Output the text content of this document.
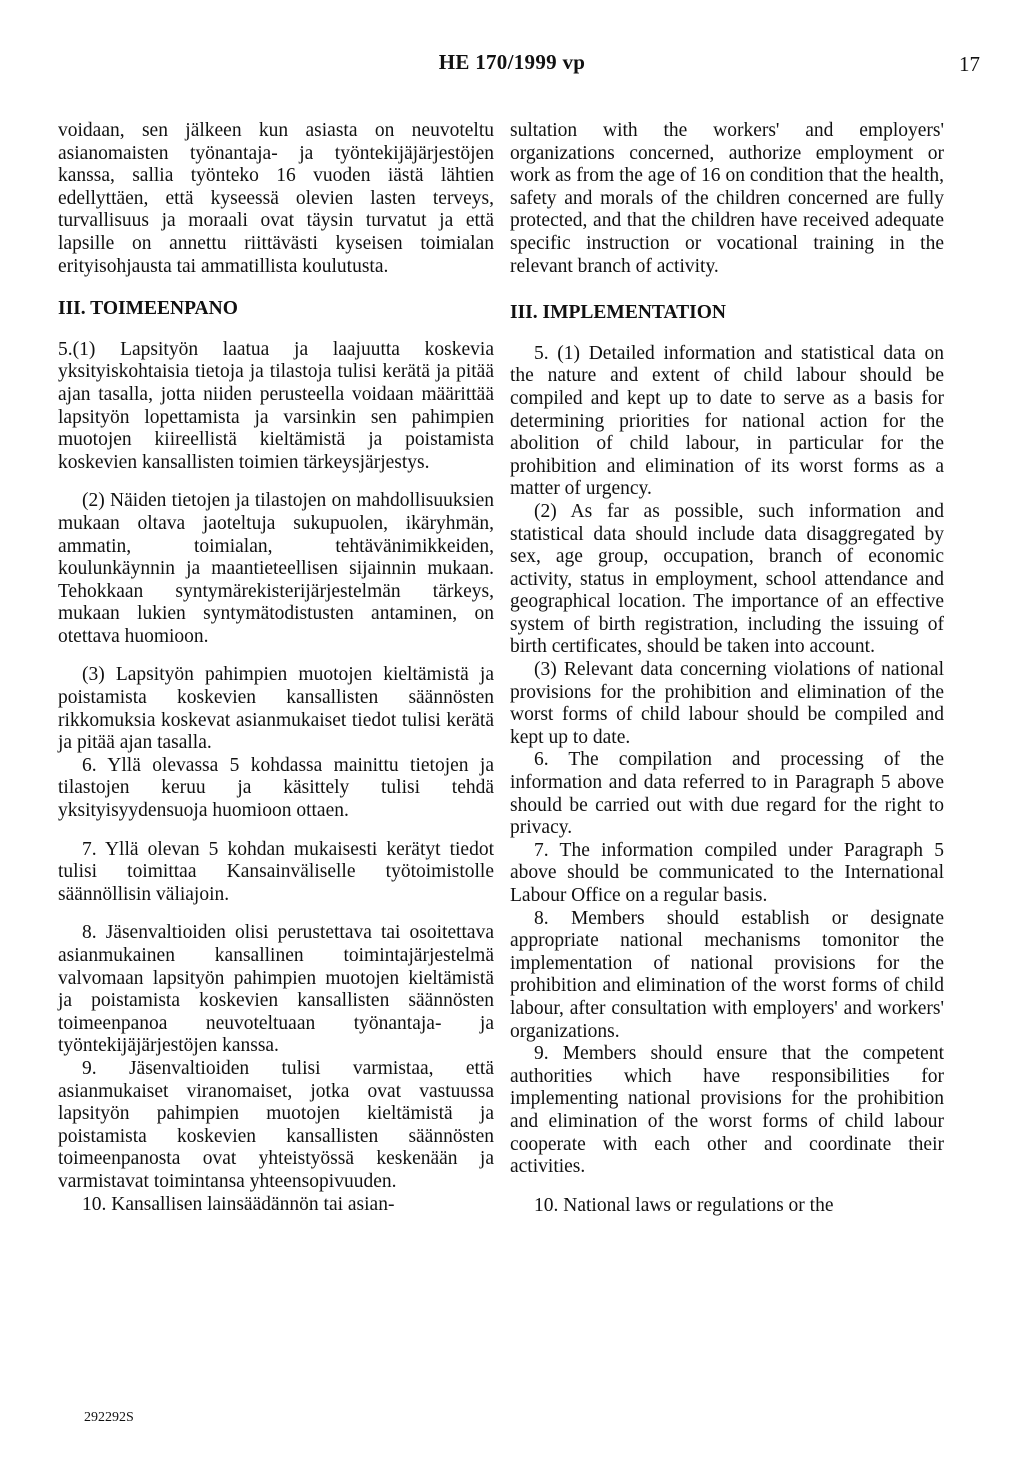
HE 170/1999 vp	17

voidaan, sen jälkeen kun asiasta on neuvoteltu asianomaisten työnantaja- ja työntekijäjärjestöjen kanssa, sallia työnteko 16 vuoden iästä lähtien edellyttäen, että kyseessä olevien lasten terveys, turvallisuus ja moraali ovat täysin turvatut ja että lapsille on annettu riittävästi kyseisen toimialan erityisohjausta tai ammatillista koulutusta.

III. TOIMEENPANO

5.(1) Lapsityön laatua ja laajuutta koskevia yksityiskohtaisia tietoja ja tilastoja tulisi kerätä ja pitää ajan tasalla, jotta niiden perusteella voidaan määrittää lapsityön lopettamista ja varsinkin sen pahimpien muotojen kiireellistä kieltämistä ja poistamista koskevien kansallisten toimien tärkeysjärjestys.

(2) Näiden tietojen ja tilastojen on mahdollisuuksien mukaan oltava jaoteltuja sukupuolen, ikäryhmän, ammatin, toimialan, tehtävänimikkeiden, koulunkäynnin ja maantieteellisen sijainnin mukaan. Tehokkaan syntymärekisterijärjestelmän tärkeys, mukaan lukien syntymätodistusten antaminen, on otettava huomioon.

(3) Lapsityön pahimpien muotojen kieltämistä ja poistamista koskevien kansallisten säännösten rikkomuksia koskevat asianmukaiset tiedot tulisi kerätä ja pitää ajan tasalla.

6. Yllä olevassa 5 kohdassa mainittu tietojen ja tilastojen keruu ja käsittely tulisi tehdä yksityisyydensuoja huomioon ottaen.

7. Yllä olevan 5 kohdan mukaisesti kerätyt tiedot tulisi toimittaa Kansainväliselle työtoimistolle säännöllisin väliajoin.

8. Jäsenvaltioiden olisi perustettava tai osoitettava asianmukainen kansallinen toimintajärjestelmä valvomaan lapsityön pahimpien muotojen kieltämistä ja poistamista koskevien kansallisten säännösten toimeenpanoa neuvoteltuaan työnantaja- ja työntekijäjärjestöjen kanssa.

9. Jäsenvaltioiden tulisi varmistaa, että asianmukaiset viranomaiset, jotka ovat vastuussa lapsityön pahimpien muotojen kieltämistä ja poistamista koskevien kansallisten säännösten toimeenpanosta ovat yhteistyössä keskenään ja varmistavat toimintansa yhteensopivuuden.

10. Kansallisen lainsäädännön tai asian-

sultation with the workers' and employers' organizations concerned, authorize employment or work as from the age of 16 on condition that the health, safety and morals of the children concerned are fully protected, and that the children have received adequate specific instruction or vocational training in the relevant branch of activity.

III. IMPLEMENTATION

5. (1) Detailed information and statistical data on the nature and extent of child labour should be compiled and kept up to date to serve as a basis for determining priorities for national action for the abolition of child labour, in particular for the prohibition and elimination of its worst forms as a matter of urgency.

(2) As far as possible, such information and statistical data should include data disaggregated by sex, age group, occupation, branch of economic activity, status in employment, school attendance and geographical location. The importance of an effective system of birth registration, including the issuing of birth certificates, should be taken into account.

(3) Relevant data concerning violations of national provisions for the prohibition and elimination of the worst forms of child labour should be compiled and kept up to date.

6. The compilation and processing of the information and data referred to in Paragraph 5 above should be carried out with due regard for the right to privacy.

7. The information compiled under Paragraph 5 above should be communicated to the International Labour Office on a regular basis.

8. Members should establish or designate appropriate national mechanisms tomonitor the implementation of national provisions for the prohibition and elimination of the worst forms of child labour, after consultation with employers' and workers' organizations.

9. Members should ensure that the competent authorities which have responsibilities for implementing national provisions for the prohibition and elimination of the worst forms of child labour cooperate with each other and coordinate their activities.

10. National laws or regulations or the

292292S
